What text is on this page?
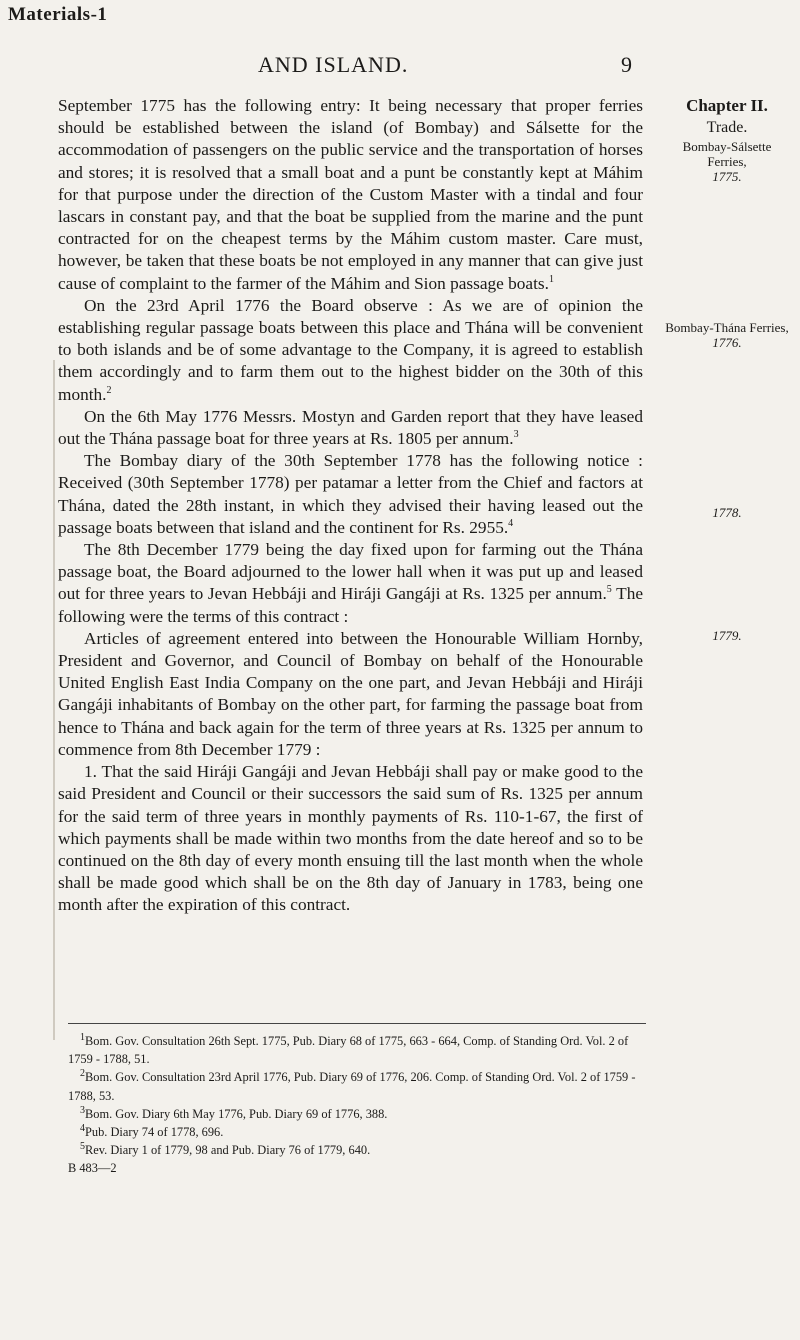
Materials-1
AND ISLAND.	9

September 1775 has the following entry: It being necessary that proper ferries should be established between the island (of Bombay) and Sálsette for the accommodation of passengers on the public service and the transportation of horses and stores; it is resolved that a small boat and a punt be constantly kept at Máhim for that purpose under the direction of the Custom Master with a tindal and four lascars in constant pay, and that the boat be supplied from the marine and the punt contracted for on the cheapest terms by the Máhim custom master. Care must, however, be taken that these boats be not employed in any manner that can give just cause of complaint to the farmer of the Máhim and Sion passage boats.$^1$

On the 23rd April 1776 the Board observe : As we are of opinion the establishing regular passage boats between this place and Thána will be convenient to both islands and be of some advantage to the Company, it is agreed to establish them accordingly and to farm them out to the highest bidder on the 30th of this month.$^2$

On the 6th May 1776 Messrs. Mostyn and Garden report that they have leased out the Thána passage boat for three years at Rs. 1805 per annum.$^3$

The Bombay diary of the 30th September 1778 has the following notice : Received (30th September 1778) per patamar a letter from the Chief and factors at Thána, dated the 28th instant, in which they advised their having leased out the passage boats between that island and the continent for Rs. 2955.$^4$

The 8th December 1779 being the day fixed upon for farming out the Thána passage boat, the Board adjourned to the lower hall when it was put up and leased out for three years to Jevan Hebbáji and Hiráji Gangáji at Rs. 1325 per annum.$^5$ The following were the terms of this contract :

Articles of agreement entered into between the Honourable William Hornby, President and Governor, and Council of Bombay on behalf of the Honourable United English East India Company on the one part, and Jevan Hebbáji and Hiráji Gangáji inhabitants of Bombay on the other part, for farming the passage boat from hence to Thána and back again for the term of three years at Rs. 1325 per annum to commence from 8th December 1779 :

1. That the said Hiráji Gangáji and Jevan Hebbáji shall pay or make good to the said President and Council or their successors the said sum of Rs. 1325 per annum for the said term of three years in monthly payments of Rs. 110-1-67, the first of which payments shall be made within two months from the date hereof and so to be continued on the 8th day of every month ensuing till the last month when the whole shall be made good which shall be on the 8th day of January in 1783, being one month after the expiration of this contract.

Chapter II.
Trade.
Bombay-Sálsette Ferries,
1775.
Bombay-Thána Ferries,
1776.
1778.
1779.

$^1$Bom. Gov. Consultation 26th Sept. 1775, Pub. Diary 68 of 1775, 663 - 664, Comp. of Standing Ord. Vol. 2 of 1759 - 1788, 51.

$^2$Bom. Gov. Consultation 23rd April 1776, Pub. Diary 69 of 1776, 206. Comp. of Standing Ord. Vol. 2 of 1759 - 1788, 53.

$^3$Bom. Gov. Diary 6th May 1776, Pub. Diary 69 of 1776, 388.

$^4$Pub. Diary 74 of 1778, 696.

$^5$Rev. Diary 1 of 1779, 98 and Pub. Diary 76 of 1779, 640.

B 483—2
